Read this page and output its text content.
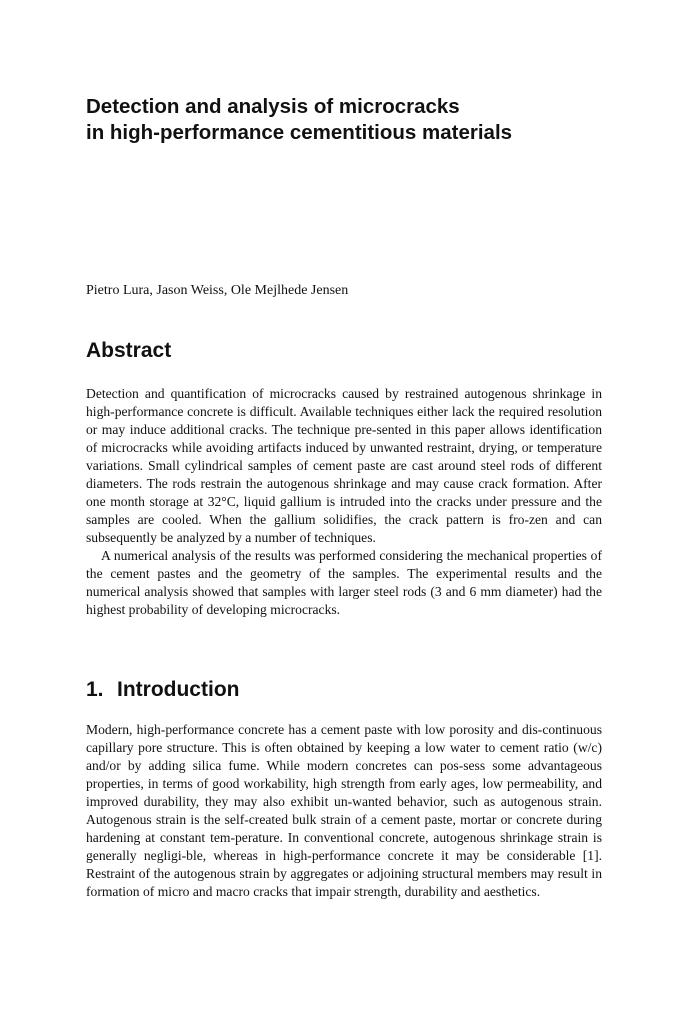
Detection and analysis of microcracks
in high-performance cementitious materials

Pietro Lura, Jason Weiss, Ole Mejlhede Jensen

Abstract

Detection and quantification of microcracks caused by restrained autogenous shrinkage in high-performance concrete is difficult. Available techniques either lack the required resolution or may induce additional cracks. The technique pre-sented in this paper allows identification of microcracks while avoiding artifacts induced by unwanted restraint, drying, or temperature variations. Small cylindrical samples of cement paste are cast around steel rods of different diameters. The rods restrain the autogenous shrinkage and may cause crack formation. After one month storage at 32°C, liquid gallium is intruded into the cracks under pressure and the samples are cooled. When the gallium solidifies, the crack pattern is fro-zen and can subsequently be analyzed by a number of techniques.

A numerical analysis of the results was performed considering the mechanical properties of the cement pastes and the geometry of the samples. The experimental results and the numerical analysis showed that samples with larger steel rods (3 and 6 mm diameter) had the highest probability of developing microcracks.

1. Introduction

Modern, high-performance concrete has a cement paste with low porosity and dis-continuous capillary pore structure. This is often obtained by keeping a low water to cement ratio (w/c) and/or by adding silica fume. While modern concretes can pos-sess some advantageous properties, in terms of good workability, high strength from early ages, low permeability, and improved durability, they may also exhibit un-wanted behavior, such as autogenous strain. Autogenous strain is the self-created bulk strain of a cement paste, mortar or concrete during hardening at constant tem-perature. In conventional concrete, autogenous shrinkage strain is generally negligi-ble, whereas in high-performance concrete it may be considerable [1]. Restraint of the autogenous strain by aggregates or adjoining structural members may result in formation of micro and macro cracks that impair strength, durability and aesthetics.
